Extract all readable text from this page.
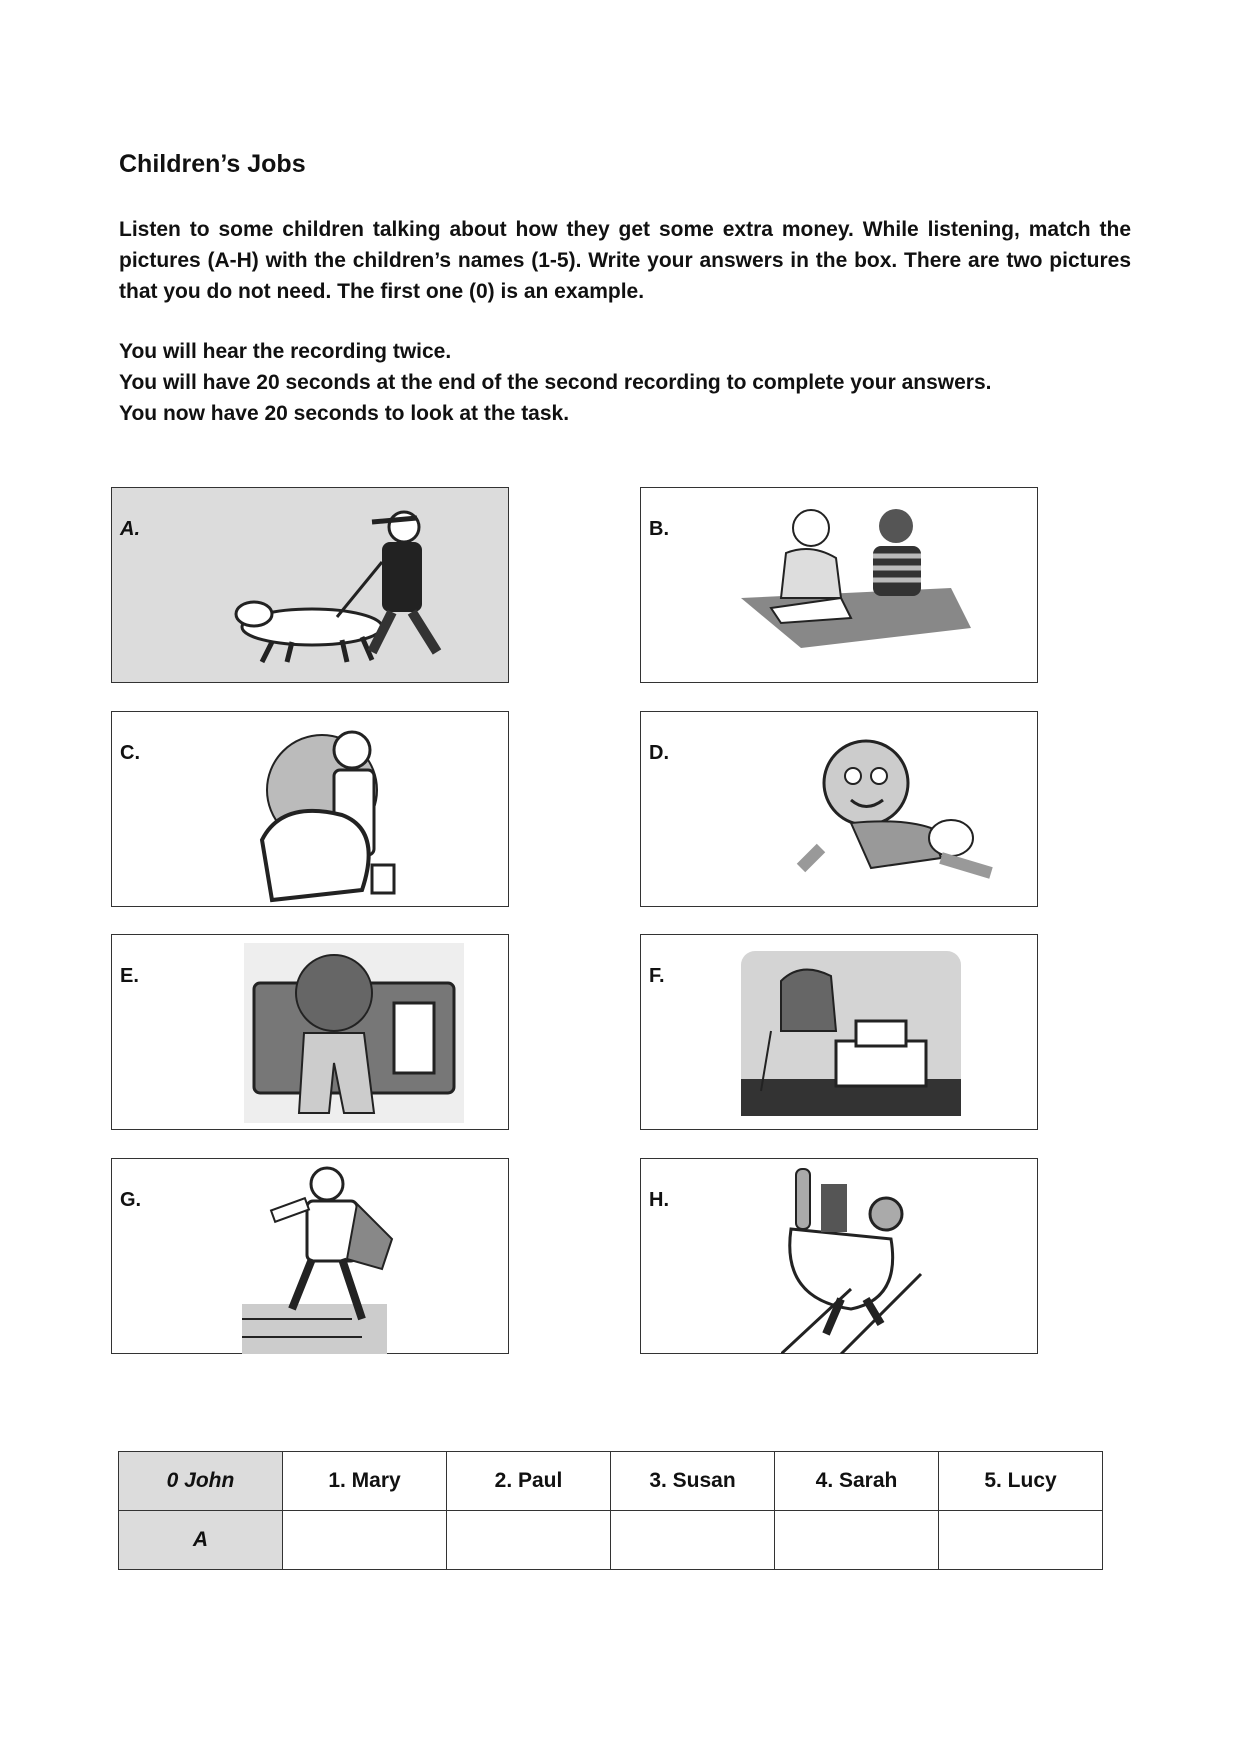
Children’s Jobs
Listen to some children talking about how they get some extra money. While listening, match the pictures (A-H) with the children’s names (1-5). Write your answers in the box. There are two pictures that you do not need. The first one (0) is an example.
You will hear the recording twice.
You will have 20 seconds at the end of the second recording to complete your answers.
You now have 20 seconds to look at the task.
A.	B.
C.	D.
E.	F.
G.	H.
0 John	1. Mary	2. Paul	3. Susan	4. Sarah	5. Lucy
A					
